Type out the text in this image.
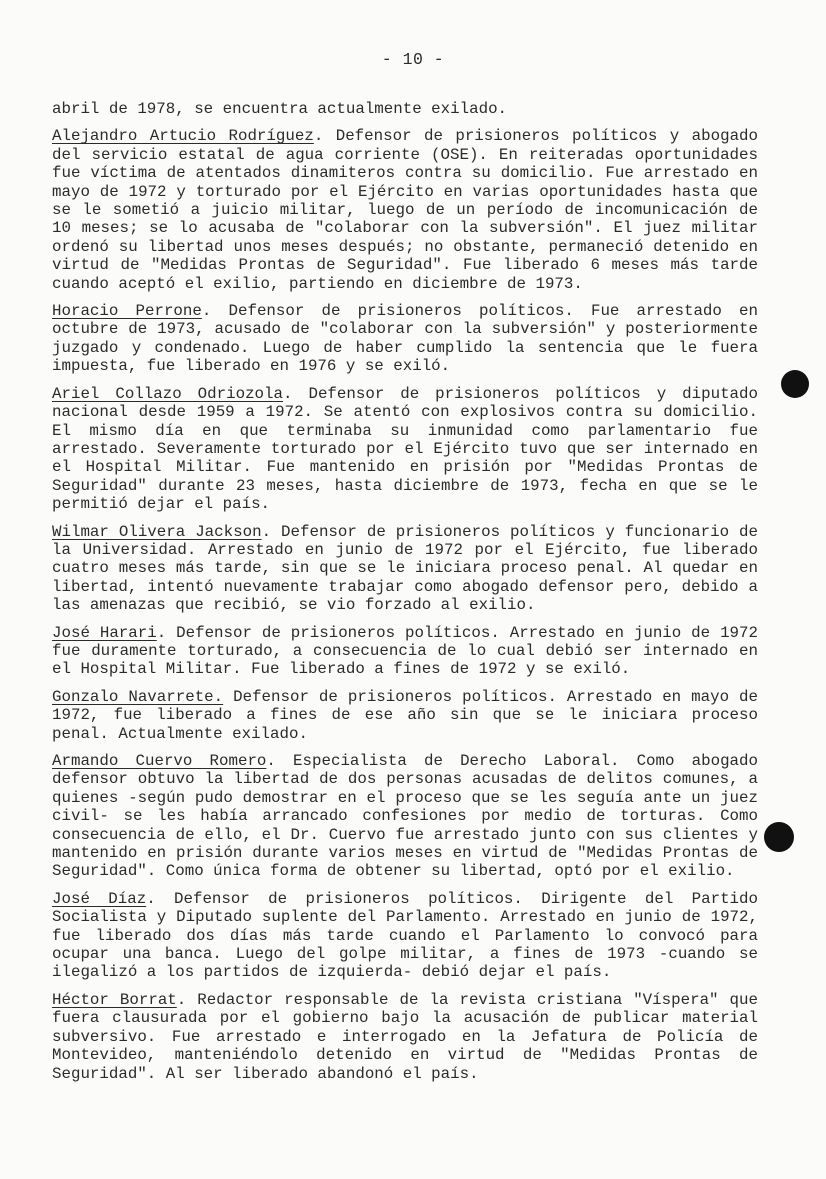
- 10 -

abril de 1978, se encuentra actualmente exilado.

Alejandro Artucio Rodríguez. Defensor de prisioneros políticos y abogado del servicio estatal de agua corriente (OSE). En reiteradas oportunidades fue víctima de atentados dinamiteros contra su domicilio. Fue arrestado en mayo de 1972 y torturado por el Ejército en varias oportunidades hasta que se le sometió a juicio militar, luego de un período de incomunicación de 10 meses; se lo acusaba de "colaborar con la subversión". El juez militar ordenó su libertad unos meses después; no obstante, permaneció detenido en virtud de "Medidas Prontas de Seguridad". Fue liberado 6 meses más tarde cuando aceptó el exilio, partiendo en diciembre de 1973.

Horacio Perrone. Defensor de prisioneros políticos. Fue arrestado en octubre de 1973, acusado de "colaborar con la subversión" y posteriormente juzgado y condenado. Luego de haber cumplido la sentencia que le fuera impuesta, fue liberado en 1976 y se exiló.

Ariel Collazo Odriozola. Defensor de prisioneros políticos y diputado nacional desde 1959 a 1972. Se atentó con explosivos contra su domicilio. El mismo día en que terminaba su inmunidad como parlamentario fue arrestado. Severamente torturado por el Ejército tuvo que ser internado en el Hospital Militar. Fue mantenido en prisión por "Medidas Prontas de Seguridad" durante 23 meses, hasta diciembre de 1973, fecha en que se le permitió dejar el país.

Wilmar Olivera Jackson. Defensor de prisioneros políticos y funcionario de la Universidad. Arrestado en junio de 1972 por el Ejército, fue liberado cuatro meses más tarde, sin que se le iniciara proceso penal. Al quedar en libertad, intentó nuevamente trabajar como abogado defensor pero, debido a las amenazas que recibió, se vio forzado al exilio.

José Harari. Defensor de prisioneros políticos. Arrestado en junio de 1972 fue duramente torturado, a consecuencia de lo cual debió ser internado en el Hospital Militar. Fue liberado a fines de 1972 y se exiló.

Gonzalo Navarrete. Defensor de prisioneros políticos. Arrestado en mayo de 1972, fue liberado a fines de ese año sin que se le iniciara proceso penal. Actualmente exilado.

Armando Cuervo Romero. Especialista de Derecho Laboral. Como abogado defensor obtuvo la libertad de dos personas acusadas de delitos comunes, a quienes -según pudo demostrar en el proceso que se les seguía ante un juez civil- se les había arrancado confesiones por medio de torturas. Como consecuencia de ello, el Dr. Cuervo fue arrestado junto con sus clientes y mantenido en prisión durante varios meses en virtud de "Medidas Prontas de Seguridad". Como única forma de obtener su libertad, optó por el exilio.

José Díaz. Defensor de prisioneros políticos. Dirigente del Partido Socialista y Diputado suplente del Parlamento. Arrestado en junio de 1972, fue liberado dos días más tarde cuando el Parlamento lo convocó para ocupar una banca. Luego del golpe militar, a fines de 1973 -cuando se ilegalizó a los partidos de izquierda- debió dejar el país.

Héctor Borrat. Redactor responsable de la revista cristiana "Víspera" que fuera clausurada por el gobierno bajo la acusación de publicar material subversivo. Fue arrestado e interrogado en la Jefatura de Policía de Montevideo, manteniéndolo detenido en virtud de "Medidas Prontas de Seguridad". Al ser liberado abandonó el país.
